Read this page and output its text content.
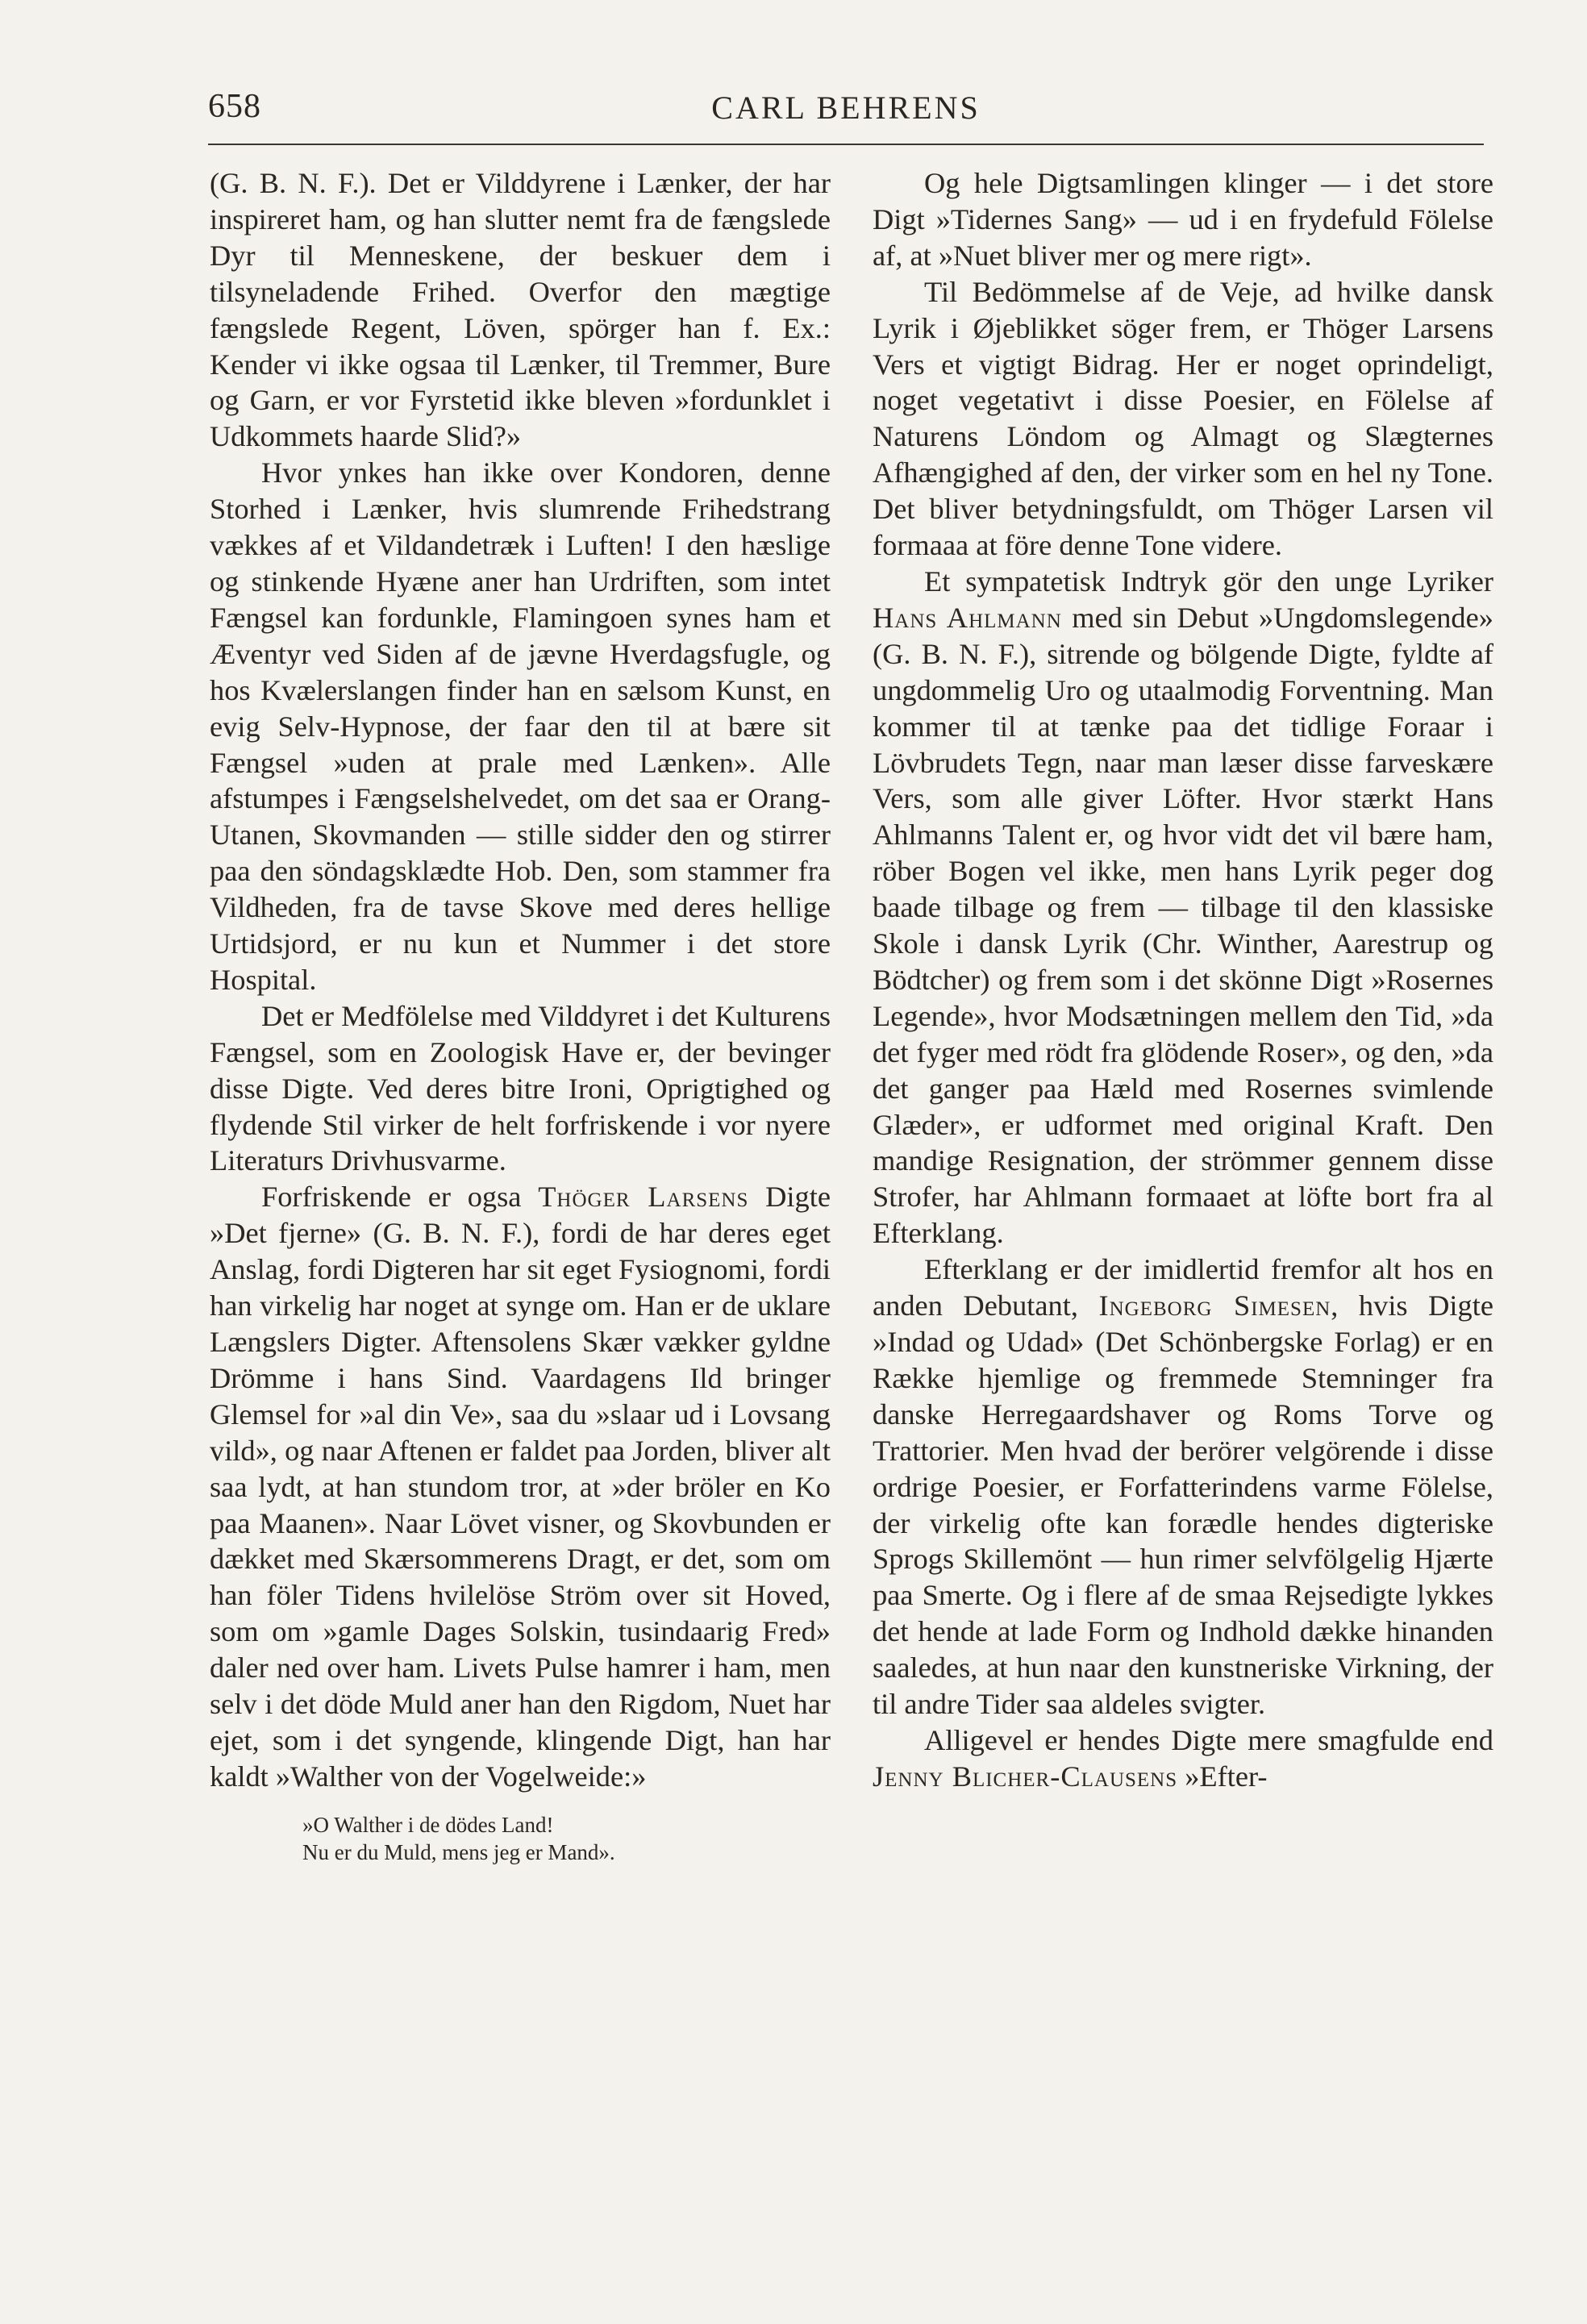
658	CARL BEHRENS

(G. B. N. F.). Det er Vilddyrene i Lænker, der har inspireret ham, og han slutter nemt fra de fængslede Dyr til Menneskene, der beskuer dem i tilsyneladende Frihed. Overfor den mægtige fængslede Regent, Löven, spörger han f. Ex.: Kender vi ikke ogsaa til Lænker, til Tremmer, Bure og Garn, er vor Fyrstetid ikke bleven »fordunklet i Udkommets haarde Slid?»

Hvor ynkes han ikke over Kondoren, denne Storhed i Lænker, hvis slumrende Frihedstrang vækkes af et Vildandetræk i Luften! I den hæslige og stinkende Hyæne aner han Urdriften, som intet Fængsel kan fordunkle, Flamingoen synes ham et Æventyr ved Siden af de jævne Hverdagsfugle, og hos Kvælerslangen finder han en sælsom Kunst, en evig Selv-Hypnose, der faar den til at bære sit Fængsel »uden at prale med Lænken». Alle afstumpes i Fængselshelvedet, om det saa er Orang-Utanen, Skovmanden — stille sidder den og stirrer paa den söndagsklædte Hob. Den, som stammer fra Vildheden, fra de tavse Skove med deres hellige Urtidsjord, er nu kun et Nummer i det store Hospital.

Det er Medfölelse med Vilddyret i det Kulturens Fængsel, som en Zoologisk Have er, der bevinger disse Digte. Ved deres bitre Ironi, Oprigtighed og flydende Stil virker de helt forfriskende i vor nyere Literaturs Drivhusvarme.

Forfriskende er ogsa Thöger Larsens Digte »Det fjerne» (G. B. N. F.), fordi de har deres eget Anslag, fordi Digteren har sit eget Fysiognomi, fordi han virkelig har noget at synge om. Han er de uklare Længslers Digter. Aftensolens Skær vækker gyldne Drömme i hans Sind. Vaardagens Ild bringer Glemsel for »al din Ve», saa du »slaar ud i Lovsang vild», og naar Aftenen er faldet paa Jorden, bliver alt saa lydt, at han stundom tror, at »der bröler en Ko paa Maanen». Naar Lövet visner, og Skovbunden er dækket med Skærsommerens Dragt, er det, som om han föler Tidens hvilelöse Ström over sit Hoved, som om »gamle Dages Solskin, tusindaarig Fred» daler ned over ham. Livets Pulse hamrer i ham, men selv i det döde Muld aner han den Rigdom, Nuet har ejet, som i det syngende, klingende Digt, han har kaldt »Walther von der Vogelweide:»

»O Walther i de dödes Land!
Nu er du Muld, mens jeg er Mand».

Og hele Digtsamlingen klinger — i det store Digt »Tidernes Sang» — ud i en frydefuld Fölelse af, at »Nuet bliver mer og mere rigt».

Til Bedömmelse af de Veje, ad hvilke dansk Lyrik i Øjeblikket söger frem, er Thöger Larsens Vers et vigtigt Bidrag. Her er noget oprindeligt, noget vegetativt i disse Poesier, en Fölelse af Naturens Löndom og Almagt og Slægternes Afhængighed af den, der virker som en hel ny Tone. Det bliver betydningsfuldt, om Thöger Larsen vil formaaa at före denne Tone videre.

Et sympatetisk Indtryk gör den unge Lyriker Hans Ahlmann med sin Debut »Ungdomslegende» (G. B. N. F.), sitrende og bölgende Digte, fyldte af ungdommelig Uro og utaalmodig Forventning. Man kommer til at tænke paa det tidlige Foraar i Lövbrudets Tegn, naar man læser disse farveskære Vers, som alle giver Löfter. Hvor stærkt Hans Ahlmanns Talent er, og hvor vidt det vil bære ham, röber Bogen vel ikke, men hans Lyrik peger dog baade tilbage og frem — tilbage til den klassiske Skole i dansk Lyrik (Chr. Winther, Aarestrup og Bödtcher) og frem som i det skönne Digt »Rosernes Legende», hvor Modsætningen mellem den Tid, »da det fyger med rödt fra glödende Roser», og den, »da det ganger paa Hæld med Rosernes svimlende Glæder», er udformet med original Kraft. Den mandige Resignation, der strömmer gennem disse Strofer, har Ahlmann formaaet at löfte bort fra al Efterklang.

Efterklang er der imidlertid fremfor alt hos en anden Debutant, Ingeborg Simesen, hvis Digte »Indad og Udad» (Det Schönbergske Forlag) er en Række hjemlige og fremmede Stemninger fra danske Herregaardshaver og Roms Torve og Trattorier. Men hvad der berörer velgörende i disse ordrige Poesier, er Forfatterindens varme Fölelse, der virkelig ofte kan forædle hendes digteriske Sprogs Skillemönt — hun rimer selvfölgelig Hjærte paa Smerte. Og i flere af de smaa Rejsedigte lykkes det hende at lade Form og Indhold dække hinanden saaledes, at hun naar den kunstneriske Virkning, der til andre Tider saa aldeles svigter.

Alligevel er hendes Digte mere smagfulde end Jenny Blicher-Clausens »Efter-
